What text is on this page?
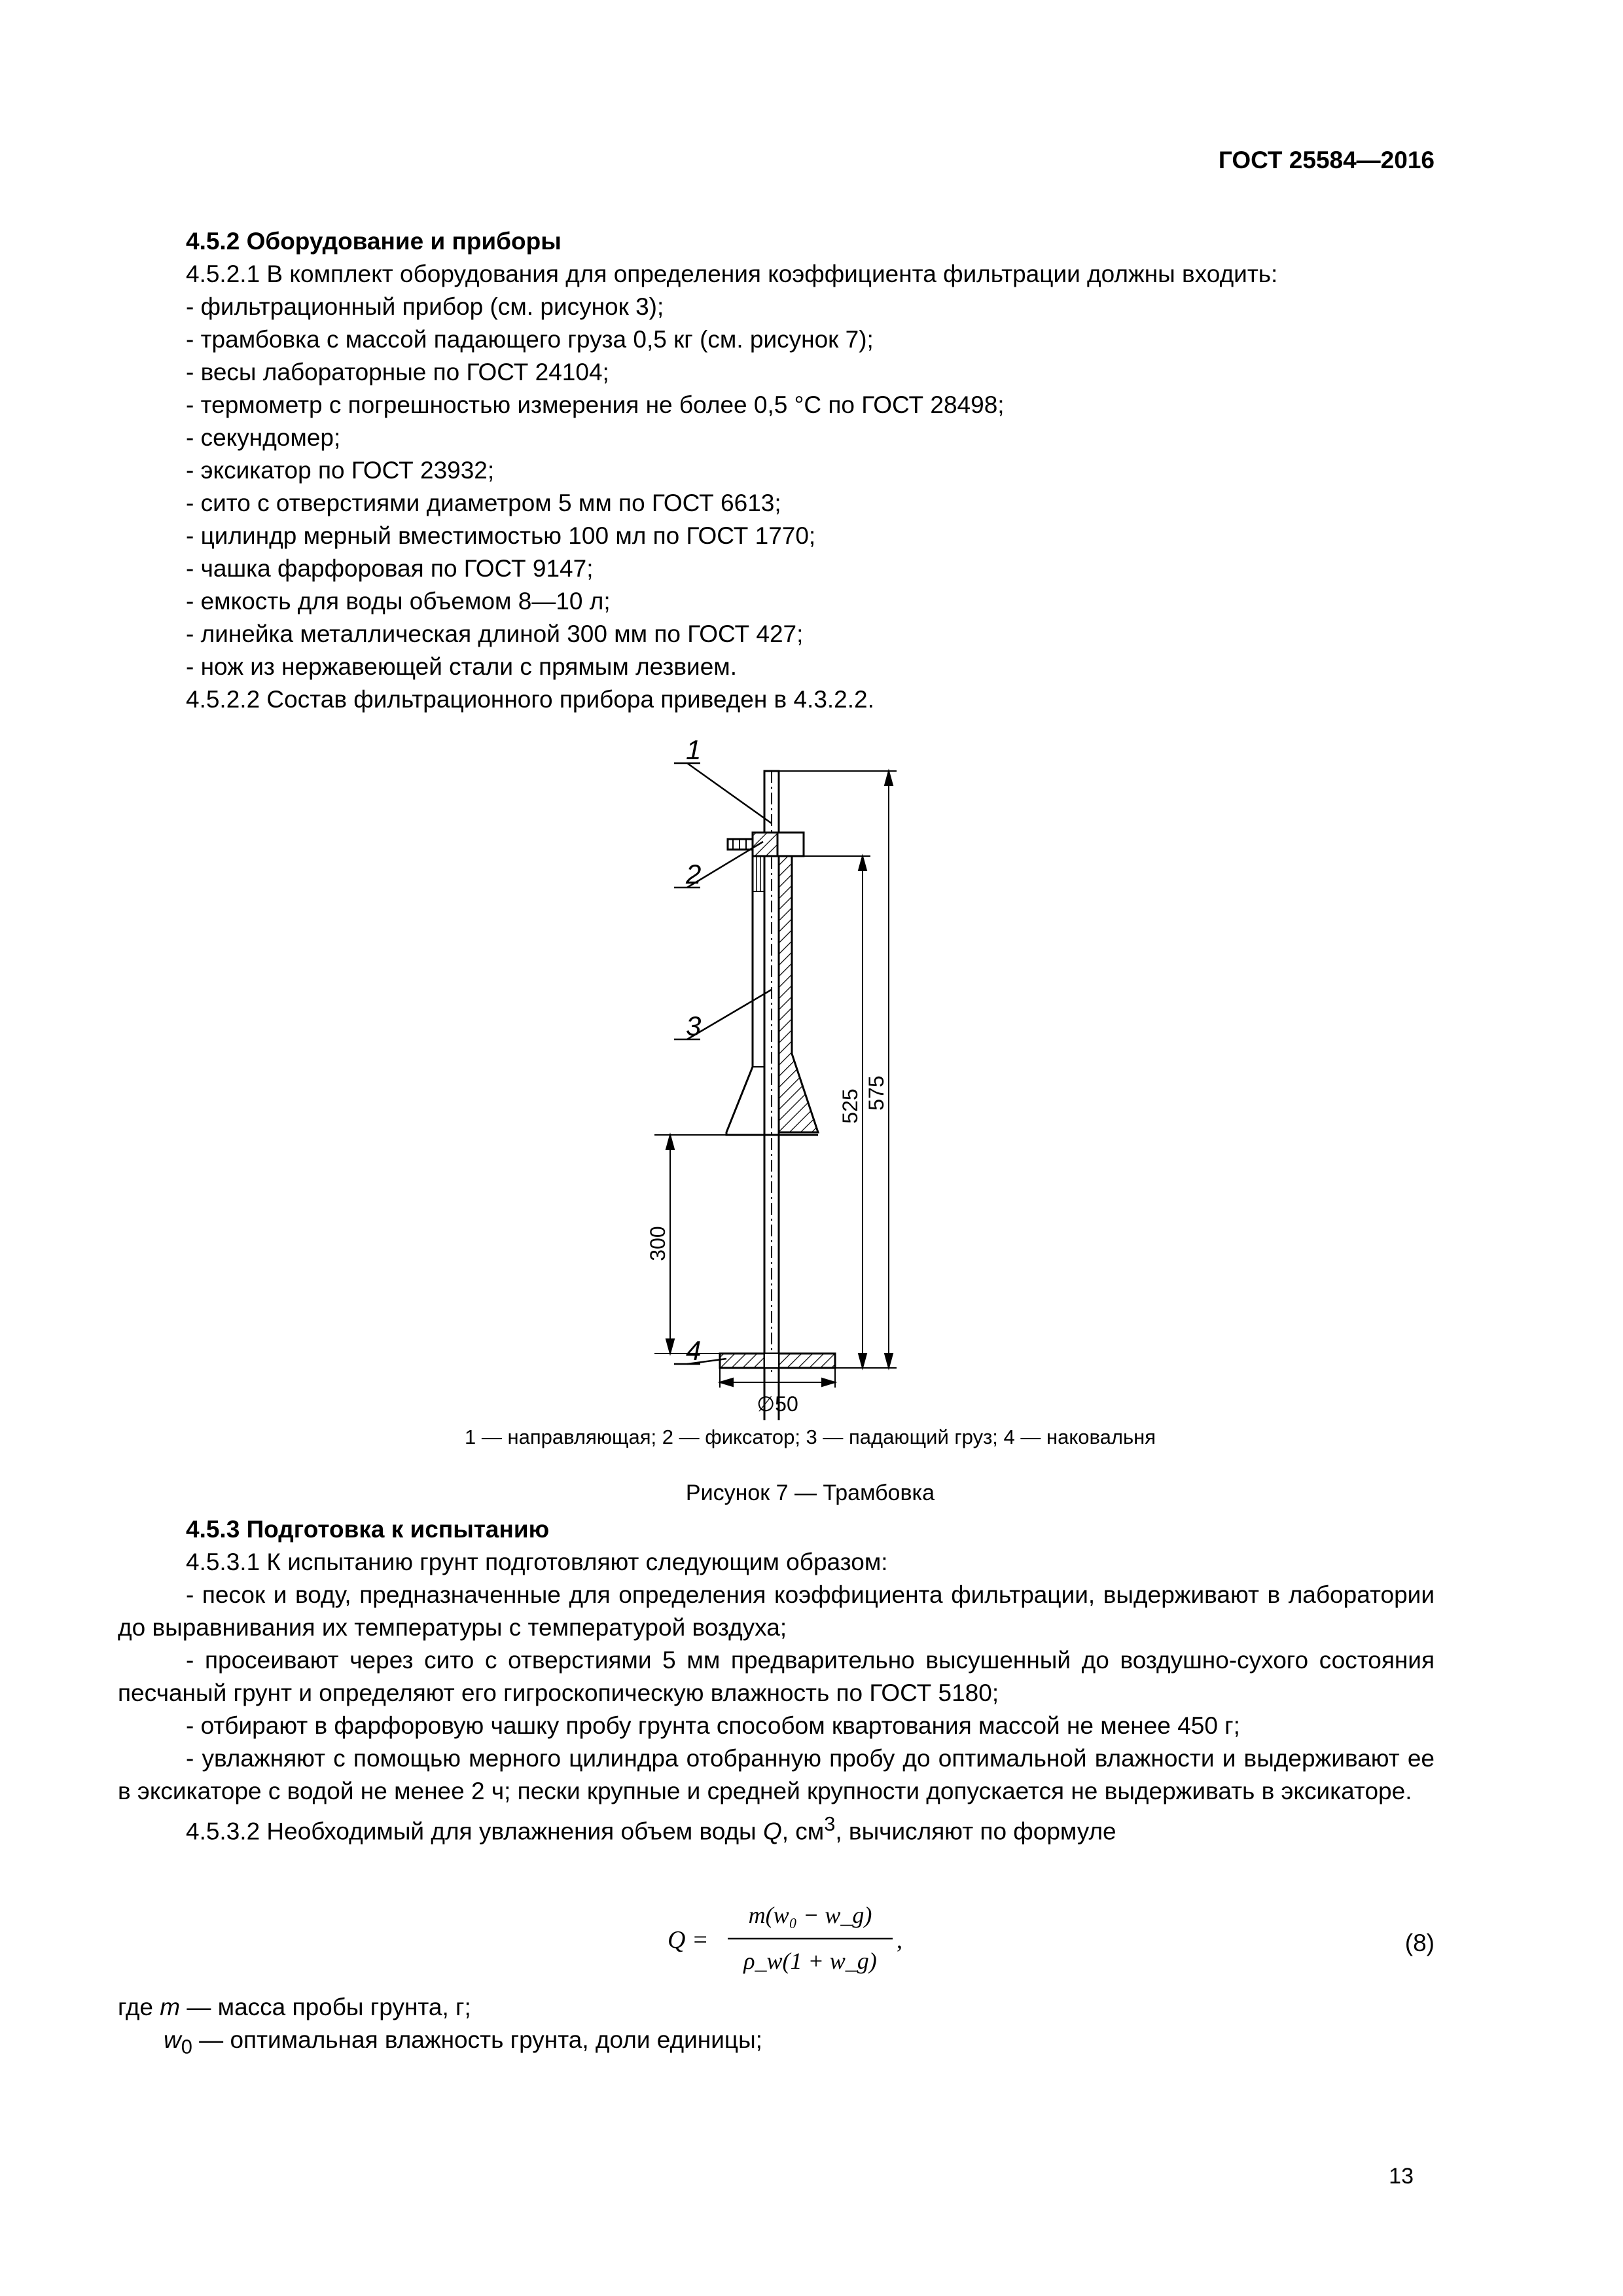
ГОСТ 25584—2016

4.5.2 Оборудование и приборы

4.5.2.1 В комплект оборудования для определения коэффициента фильтрации должны входить:

- фильтрационный прибор (см. рисунок 3);

- трамбовка с массой падающего груза 0,5 кг (см. рисунок 7);

- весы лабораторные по ГОСТ 24104;

- термометр с погрешностью измерения не более 0,5 °С по ГОСТ 28498;

- секундомер;

- эксикатор по ГОСТ 23932;

- сито с отверстиями диаметром 5 мм по ГОСТ 6613;

- цилиндр мерный вместимостью 100 мл по ГОСТ 1770;

- чашка фарфоровая по ГОСТ 9147;

- емкость для воды объемом 8—10 л;

- линейка металлическая длиной 300 мм по ГОСТ 427;

- нож из нержавеющей стали с прямым лезвием.

4.5.2.2 Состав фильтрационного прибора приведен в 4.3.2.2.

1
2
3
4
575
525
300
∅50
1 — направляющая; 2 — фиксатор; 3 — падающий груз; 4 — наковальня
Рисунок 7 — Трамбовка

4.5.3 Подготовка к испытанию

4.5.3.1 К испытанию грунт подготовляют следующим образом:

- песок и воду, предназначенные для определения коэффициента фильтрации, выдерживают в лаборатории до выравнивания их температуры с температурой воздуха;

- просеивают через сито с отверстиями 5 мм предварительно высушенный до воздушно-сухого состояния песчаный грунт и определяют его гигроскопическую влажность по ГОСТ 5180;

- отбирают в фарфоровую чашку пробу грунта способом квартования массой не менее 450 г;

- увлажняют с помощью мерного цилиндра отобранную пробу до оптимальной влажности и выдерживают ее в эксикаторе с водой не менее 2 ч; пески крупные и средней крупности допускается не выдерживать в эксикаторе.

4.5.3.2 Необходимый для увлажнения объем воды Q, $см^3$, вычисляют по формуле

Q =
m(w₀ − w_g)
ρ_w(1 + w_g)
,	(8)

где m — масса пробы грунта, г;

$w_0$ — оптимальная влажность грунта, доли единицы;

13
